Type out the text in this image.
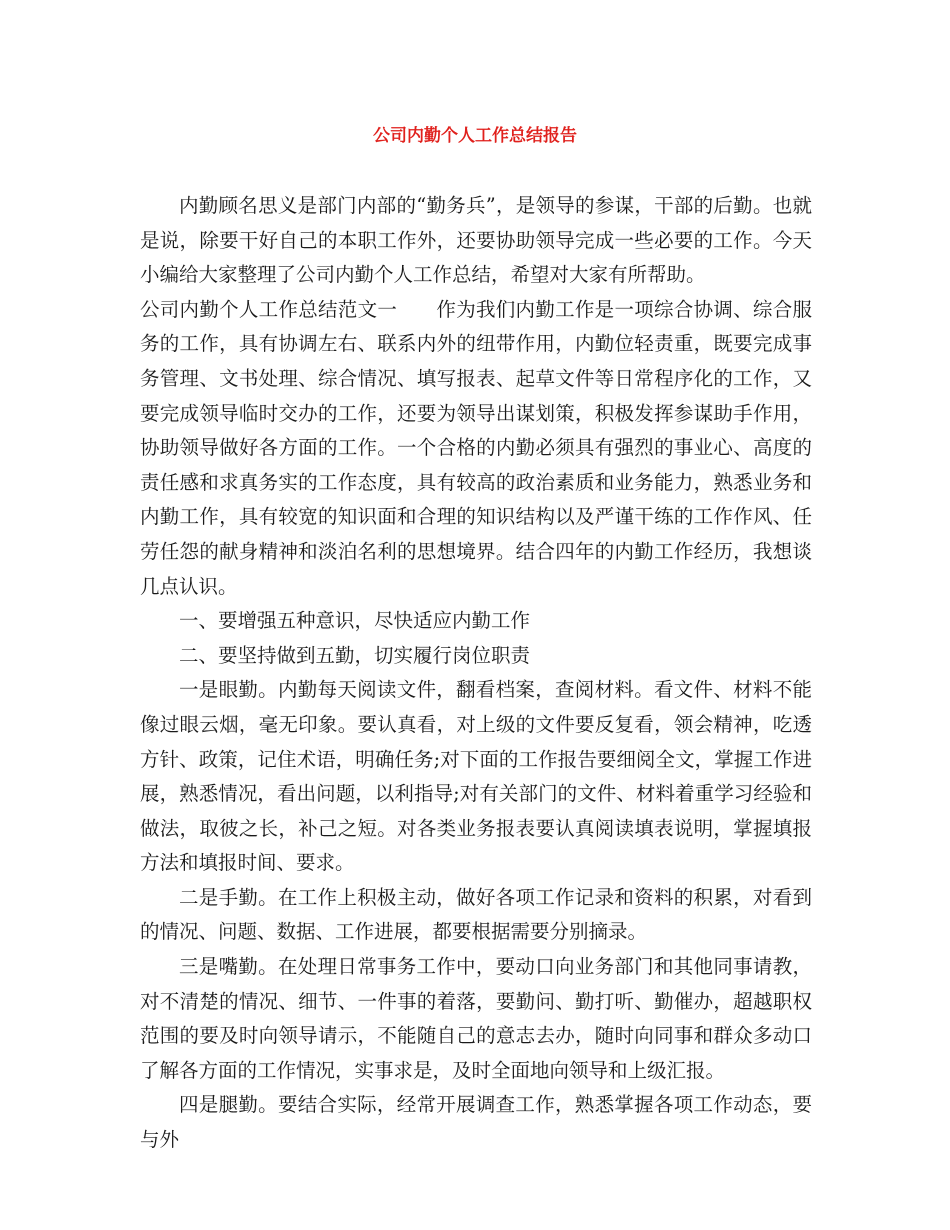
公司内勤个人工作总结报告

内勤顾名思义是部门内部的“勤务兵”，是领导的参谋，干部的后勤。也就是说，除要干好自己的本职工作外，还要协助领导完成一些必要的工作。今天小编给大家整理了公司内勤个人工作总结，希望对大家有所帮助。

公司内勤个人工作总结范文一 作为我们内勤工作是一项综合协调、综合服务的工作，具有协调左右、联系内外的纽带作用，内勤位轻责重，既要完成事务管理、文书处理、综合情况、填写报表、起草文件等日常程序化的工作，又要完成领导临时交办的工作，还要为领导出谋划策，积极发挥参谋助手作用，协助领导做好各方面的工作。一个合格的内勤必须具有强烈的事业心、高度的责任感和求真务实的工作态度，具有较高的政治素质和业务能力，熟悉业务和内勤工作，具有较宽的知识面和合理的知识结构以及严谨干练的工作作风、任劳任怨的献身精神和淡泊名利的思想境界。结合四年的内勤工作经历，我想谈几点认识。

一、要增强五种意识，尽快适应内勤工作

二、要坚持做到五勤，切实履行岗位职责

一是眼勤。内勤每天阅读文件，翻看档案，查阅材料。看文件、材料不能像过眼云烟，毫无印象。要认真看，对上级的文件要反复看，领会精神，吃透方针、政策，记住术语，明确任务;对下面的工作报告要细阅全文，掌握工作进展，熟悉情况，看出问题，以利指导;对有关部门的文件、材料着重学习经验和做法，取彼之长，补己之短。对各类业务报表要认真阅读填表说明，掌握填报方法和填报时间、要求。

二是手勤。在工作上积极主动，做好各项工作记录和资料的积累，对看到的情况、问题、数据、工作进展，都要根据需要分别摘录。

三是嘴勤。在处理日常事务工作中，要动口向业务部门和其他同事请教，对不清楚的情况、细节、一件事的着落，要勤问、勤打听、勤催办，超越职权范围的要及时向领导请示，不能随自己的意志去办，随时向同事和群众多动口了解各方面的工作情况，实事求是，及时全面地向领导和上级汇报。

四是腿勤。要结合实际，经常开展调查工作，熟悉掌握各项工作动态，要与外
